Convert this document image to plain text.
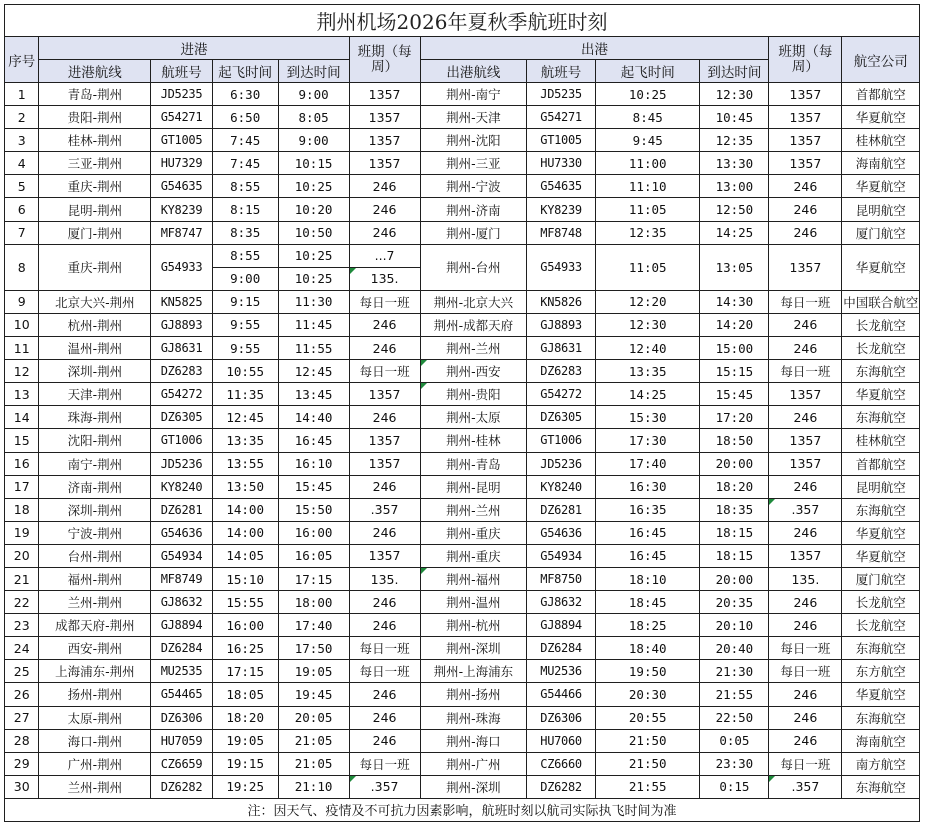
荆州机场2026年夏秋季航班时刻											
序号	进港				班期（每周）	出港				班期（每周）	航空公司
	进港航线	航班号	起飞时间	到达时间		出港航线	航班号	起飞时间	到达时间		
1	青岛-荆州	JD5235	6:30	9:00	1357	荆州-南宁	JD5235	10:25	12:30	1357	首都航空
2	贵阳-荆州	G54271	6:50	8:05	1357	荆州-天津	G54271	8:45	10:45	1357	华夏航空
3	桂林-荆州	GT1005	7:45	9:00	1357	荆州-沈阳	GT1005	9:45	12:35	1357	桂林航空
4	三亚-荆州	HU7329	7:45	10:15	1357	荆州-三亚	HU7330	11:00	13:30	1357	海南航空
5	重庆-荆州	G54635	8:55	10:25	246	荆州-宁波	G54635	11:10	13:00	246	华夏航空
6	昆明-荆州	KY8239	8:15	10:20	246	荆州-济南	KY8239	11:05	12:50	246	昆明航空
7	厦门-荆州	MF8747	8:35	10:50	246	荆州-厦门	MF8748	12:35	14:25	246	厦门航空
8	重庆-荆州	G54933	8:55	10:25	...7	荆州-台州	G54933	11:05	13:05	1357	华夏航空
			9:00	10:25	135.						
9	北京大兴-荆州	KN5825	9:15	11:30	每日一班	荆州-北京大兴	KN5826	12:20	14:30	每日一班	中国联合航空
10	杭州-荆州	GJ8893	9:55	11:45	246	荆州-成都天府	GJ8893	12:30	14:20	246	长龙航空
11	温州-荆州	GJ8631	9:55	11:55	246	荆州-兰州	GJ8631	12:40	15:00	246	长龙航空
12	深圳-荆州	DZ6283	10:55	12:45	每日一班	荆州-西安	DZ6283	13:35	15:15	每日一班	东海航空
13	天津-荆州	G54272	11:35	13:45	1357	荆州-贵阳	G54272	14:25	15:45	1357	华夏航空
14	珠海-荆州	DZ6305	12:45	14:40	246	荆州-太原	DZ6305	15:30	17:20	246	东海航空
15	沈阳-荆州	GT1006	13:35	16:45	1357	荆州-桂林	GT1006	17:30	18:50	1357	桂林航空
16	南宁-荆州	JD5236	13:55	16:10	1357	荆州-青岛	JD5236	17:40	20:00	1357	首都航空
17	济南-荆州	KY8240	13:50	15:45	246	荆州-昆明	KY8240	16:30	18:20	246	昆明航空
18	深圳-荆州	DZ6281	14:00	15:50	.357	荆州-兰州	DZ6281	16:35	18:35	.357	东海航空
19	宁波-荆州	G54636	14:00	16:00	246	荆州-重庆	G54636	16:45	18:15	246	华夏航空
20	台州-荆州	G54934	14:05	16:05	1357	荆州-重庆	G54934	16:45	18:15	1357	华夏航空
21	福州-荆州	MF8749	15:10	17:15	135.	荆州-福州	MF8750	18:10	20:00	135.	厦门航空
22	兰州-荆州	GJ8632	15:55	18:00	246	荆州-温州	GJ8632	18:45	20:35	246	长龙航空
23	成都天府-荆州	GJ8894	16:00	17:40	246	荆州-杭州	GJ8894	18:25	20:10	246	长龙航空
24	西安-荆州	DZ6284	16:25	17:50	每日一班	荆州-深圳	DZ6284	18:40	20:40	每日一班	东海航空
25	上海浦东-荆州	MU2535	17:15	19:05	每日一班	荆州-上海浦东	MU2536	19:50	21:30	每日一班	东方航空
26	扬州-荆州	G54465	18:05	19:45	246	荆州-扬州	G54466	20:30	21:55	246	华夏航空
27	太原-荆州	DZ6306	18:20	20:05	246	荆州-珠海	DZ6306	20:55	22:50	246	东海航空
28	海口-荆州	HU7059	19:05	21:05	246	荆州-海口	HU7060	21:50	0:05	246	海南航空
29	广州-荆州	CZ6659	19:15	21:05	每日一班	荆州-广州	CZ6660	21:50	23:30	每日一班	南方航空
30	兰州-荆州	DZ6282	19:25	21:10	.357	荆州-深圳	DZ6282	21:55	0:15	.357	东海航空
注：因天气、疫情及不可抗力因素影响，航班时刻以航司实际执飞时间为准											
